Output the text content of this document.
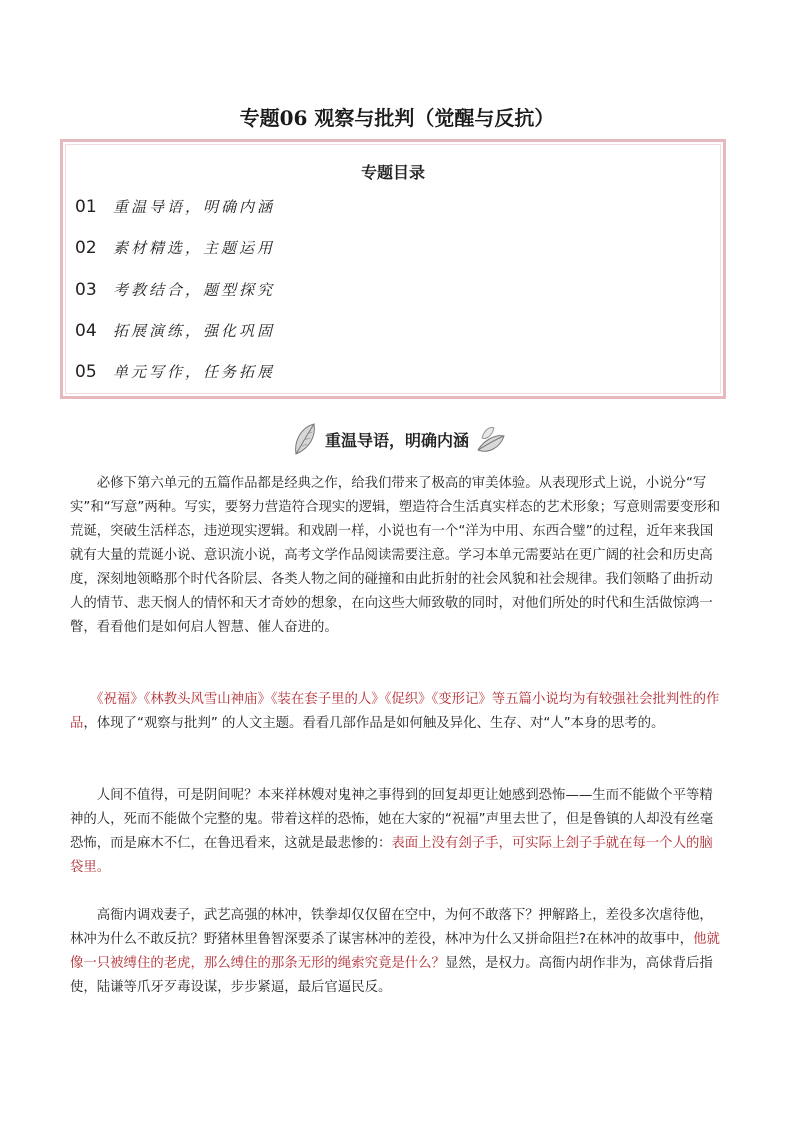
专题06 观察与批判（觉醒与反抗）
专题目录
01 重温导语，明确内涵
02 素材精选，主题运用
03 考教结合，题型探究
04 拓展演练，强化巩固
05 单元写作，任务拓展
重温导语，明确内涵
　　必修下第六单元的五篇作品都是经典之作，给我们带来了极高的审美体验。从表现形式上说，小说分“写实”和“写意”两种。写实，要努力营造符合现实的逻辑，塑造符合生活真实样态的艺术形象；写意则需要变形和荒诞，突破生活样态，违逆现实逻辑。和戏剧一样，小说也有一个“洋为中用、东西合璧”的过程，近年来我国就有大量的荒诞小说、意识流小说，高考文学作品阅读需要注意。学习本单元需要站在更广阔的社会和历史高度，深刻地领略那个时代各阶层、各类人物之间的碰撞和由此折射的社会风貌和社会规律。我们领略了曲折动人的情节、悲天悯人的情怀和天才奇妙的想象，在向这些大师致敬的同时，对他们所处的时代和生活做惊鸿一瞥，看看他们是如何启人智慧、催人奋进的。
　　《祝福》《林教头风雪山神庙》《装在套子里的人》《促织》《变形记》等五篇小说均为有较强社会批判性的作品，体现了“观察与批判” 的人文主题。看看几部作品是如何触及异化、生存、对“人”本身的思考的。
　　人间不值得，可是阴间呢？本来祥林嫂对鬼神之事得到的回复却更让她感到恐怖——生而不能做个平等精神的人，死而不能做个完整的鬼。带着这样的恐怖，她在大家的“祝福”声里去世了，但是鲁镇的人却没有丝毫恐怖，而是麻木不仁，在鲁迅看来，这就是最悲惨的：表面上没有刽子手，可实际上刽子手就在每一个人的脑袋里。
　　高衙内调戏妻子，武艺高强的林冲，铁拳却仅仅留在空中，为何不敢落下？押解路上，差役多次虐待他，林冲为什么不敢反抗？野猪林里鲁智深要杀了谋害林冲的差役，林冲为什么又拼命阻拦?在林冲的故事中，他就像一只被缚住的老虎，那么缚住的那条无形的绳索究竟是什么？显然，是权力。高衙内胡作非为，高俅背后指使，陆谦等爪牙歹毒设谋，步步紧逼，最后官逼民反。
